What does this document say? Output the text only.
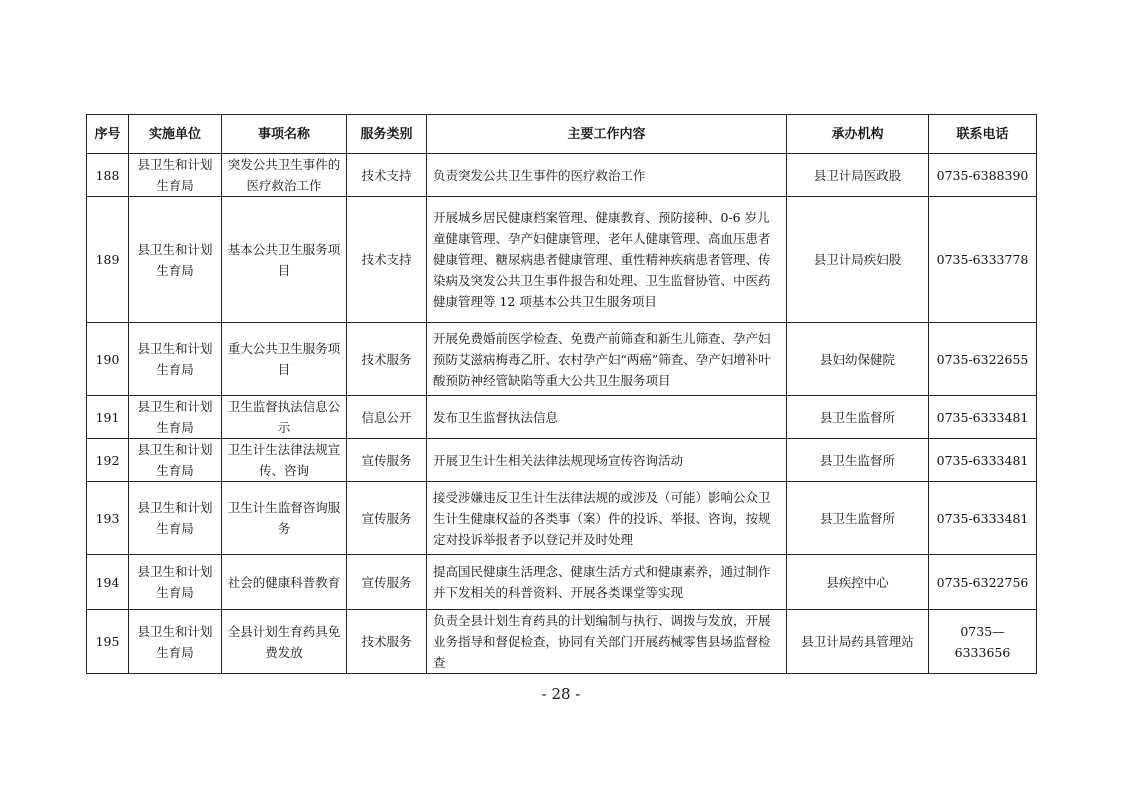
序号	实施单位	事项名称	服务类别	主要工作内容	承办机构	联系电话
188	县卫生和计划生育局	突发公共卫生事件的医疗救治工作	技术支持	负责突发公共卫生事件的医疗救治工作	县卫计局医政股	0735-6388390
189	县卫生和计划生育局	基本公共卫生服务项目	技术支持	开展城乡居民健康档案管理、健康教育、预防接种、0-6 岁儿童健康管理、孕产妇健康管理、老年人健康管理、高血压患者健康管理、糖尿病患者健康管理、重性精神疾病患者管理、传染病及突发公共卫生事件报告和处理、卫生监督协管、中医药健康管理等 12 项基本公共卫生服务项目	县卫计局疾妇股	0735-6333778
190	县卫生和计划生育局	重大公共卫生服务项目	技术服务	开展免费婚前医学检查、免费产前筛查和新生儿筛查、孕产妇预防艾滋病梅毒乙肝、农村孕产妇“两癌”筛查、孕产妇增补叶酸预防神经管缺陷等重大公共卫生服务项目	县妇幼保健院	0735-6322655
191	县卫生和计划生育局	卫生监督执法信息公示	信息公开	发布卫生监督执法信息	县卫生监督所	0735-6333481
192	县卫生和计划生育局	卫生计生法律法规宣传、咨询	宣传服务	开展卫生计生相关法律法规现场宣传咨询活动	县卫生监督所	0735-6333481
193	县卫生和计划生育局	卫生计生监督咨询服务	宣传服务	接受涉嫌违反卫生计生法律法规的或涉及（可能）影响公众卫生计生健康权益的各类事（案）件的投诉、举报、咨询，按规定对投诉举报者予以登记并及时处理	县卫生监督所	0735-6333481
194	县卫生和计划生育局	社会的健康科普教育	宣传服务	提高国民健康生活理念、健康生活方式和健康素养，通过制作并下发相关的科普资料、开展各类课堂等实现	县疾控中心	0735-6322756
195	县卫生和计划生育局	全县计划生育药具免费发放	技术服务	负责全县计划生育药具的计划编制与执行、调拨与发放，开展业务指导和督促检查，协同有关部门开展药械零售县场监督检查	县卫计局药具管理站	0735—6333656
- 28 -
